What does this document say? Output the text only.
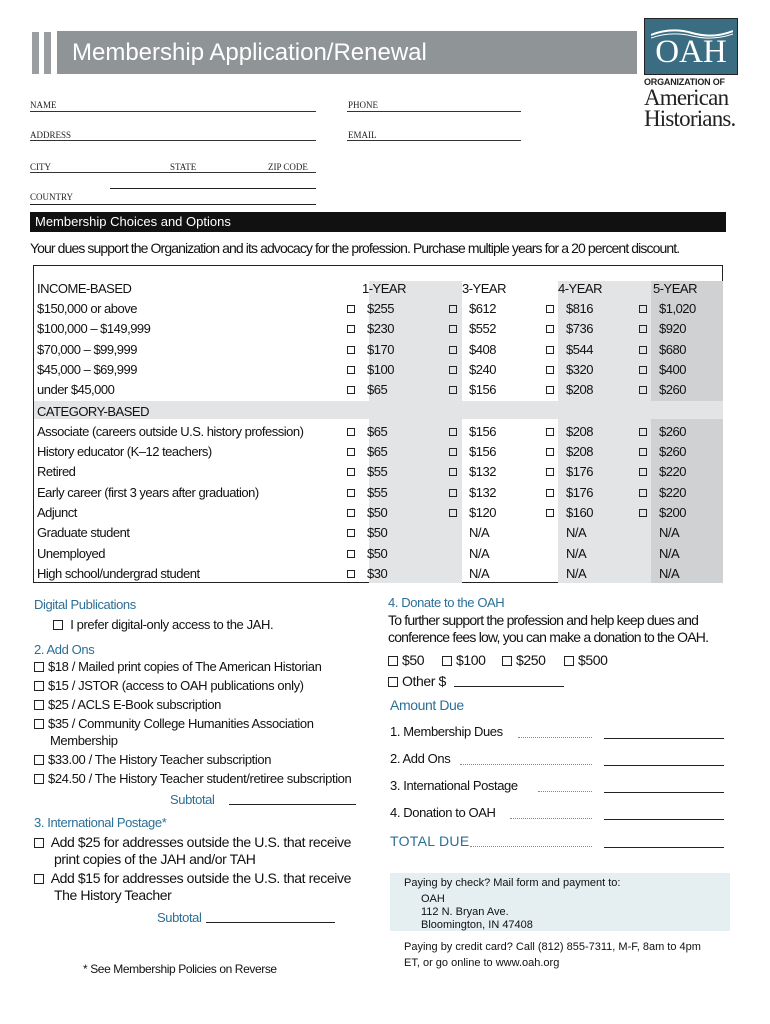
Membership Application/Renewal	OAH
ORGANIZATION OF
American
Historians.
NAME	PHONE
ADDRESS	EMAIL
CITY	STATE	ZIP CODE
COUNTRY
Membership Choices and Options
Your dues support the Organization and its advocacy for the profession. Purchase multiple years for a 20 percent discount.
INCOME-BASED	1-YEAR	3-YEAR	4-YEAR	5-YEAR
$150,000 or above	$255	$612	$816	$1,020
$100,000 – $149,999	$230	$552	$736	$920
$70,000 – $99,999	$170	$408	$544	$680
$45,000 – $69,999	$100	$240	$320	$400
under $45,000	$65	$156	$208	$260
CATEGORY-BASED
Associate (careers outside U.S. history profession)	$65	$156	$208	$260
History educator (K–12 teachers)	$65	$156	$208	$260
Retired	$55	$132	$176	$220
Early career (first 3 years after graduation)	$55	$132	$176	$220
Adjunct	$50	$120	$160	$200
Graduate student	$50	N/A	N/A	N/A
Unemployed	$50	N/A	N/A	N/A
High school/undergrad student	$30	N/A	N/A	N/A
Digital Publications
I prefer digital-only access to the JAH.
2. Add Ons
$18 / Mailed print copies of The American Historian
$15 / JSTOR (access to OAH publications only)
$25 / ACLS E-Book subscription
$35 / Community College Humanities Association
Membership
$33.00 / The History Teacher subscription
$24.50 / The History Teacher student/retiree subscription
Subtotal
3. International Postage*
Add $25 for addresses outside the U.S. that receive
print copies of the JAH and/or TAH
Add $15 for addresses outside the U.S. that receive
The History Teacher
Subtotal
* See Membership Policies on Reverse
4. Donate to the OAH
To further support the profession and help keep dues and
conference fees low, you can make a donation to the OAH.
$50	$100	$250	$500
Other $
Amount Due
1. Membership Dues
2. Add Ons
3. International Postage
4. Donation to OAH
TOTAL DUE
Paying by check? Mail form and payment to:
OAH
112 N. Bryan Ave.
Bloomington, IN 47408
Paying by credit card? Call (812) 855-7311, M-F, 8am to 4pm
ET, or go online to www.oah.org
